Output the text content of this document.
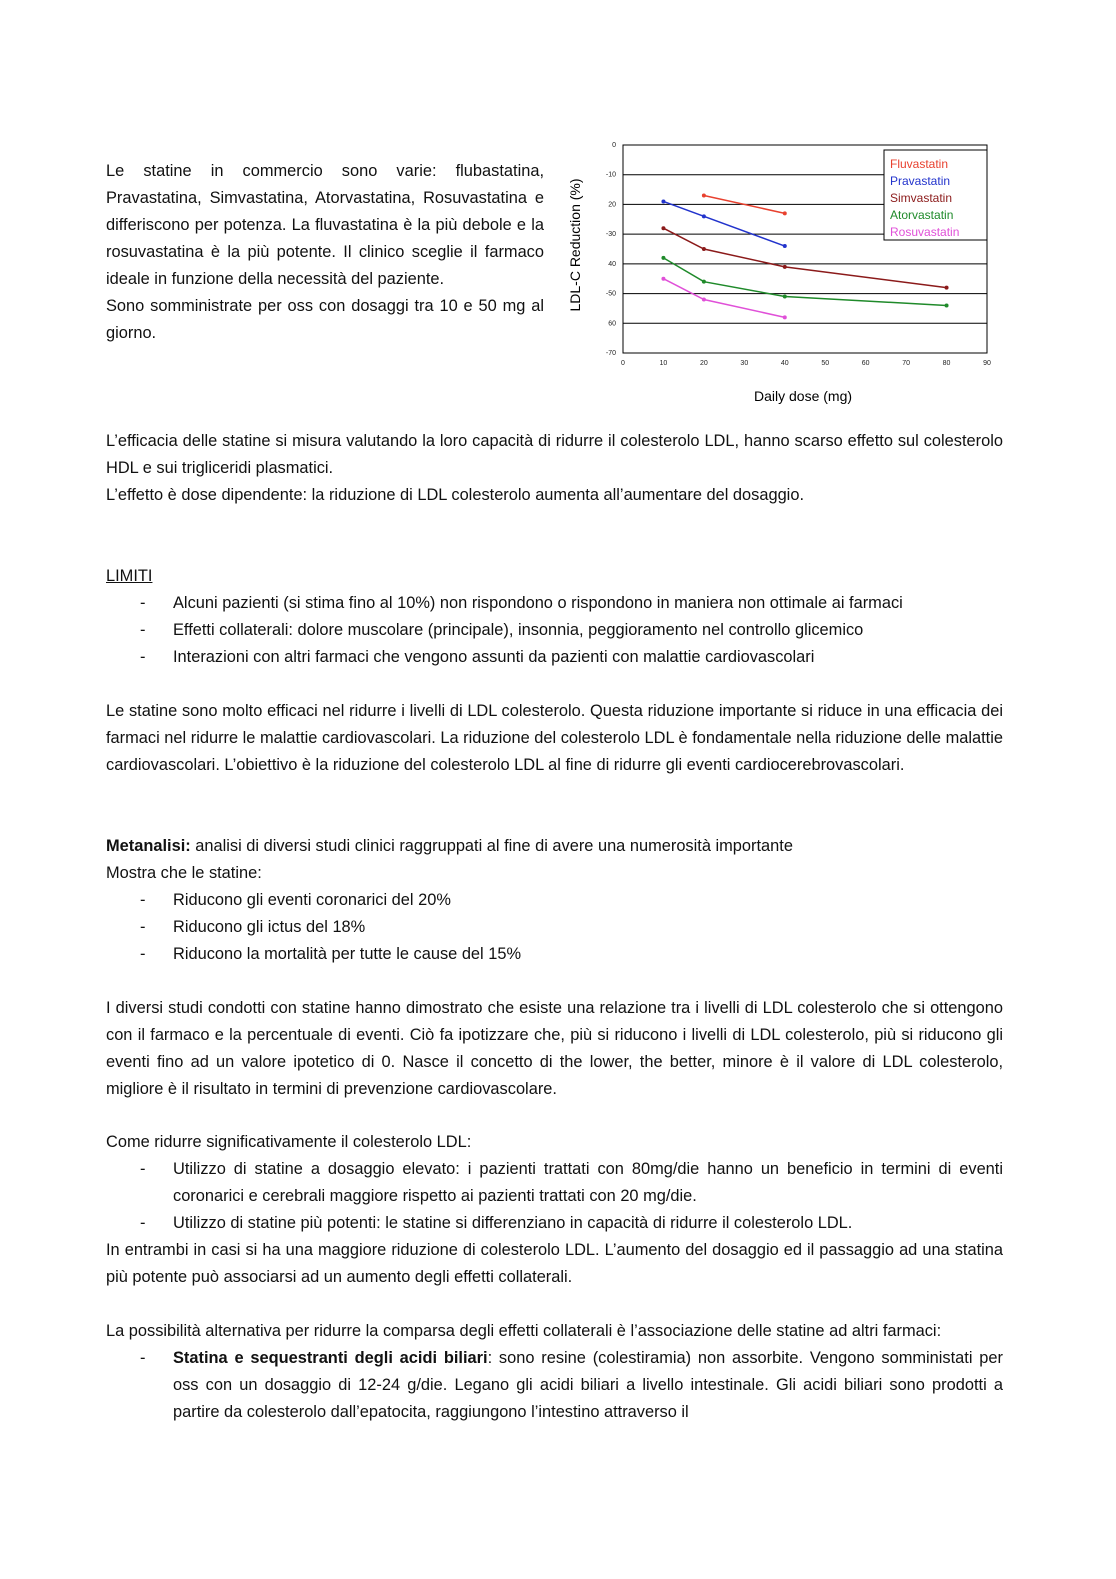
Le statine in commercio sono varie: flubastatina, Pravastatina, Simvastatina, Atorvastatina, Rosuvastatina e differiscono per potenza. La fluvastatina è la più debole e la rosuvastatina è la più potente. Il clinico sceglie il farmaco ideale in funzione della necessità del paziente.

Sono somministrate per oss con dosaggi tra 10 e 50 mg al giorno.

0
-10
20
-30
40
-50
60
-70
0	10	20	30	40	50	60	70	80	90
Fluvastatin
Pravastatin
Simvastatin
Atorvastatin
Rosuvastatin
Daily dose (mg)
LDL-C Reduction (%)

L’efficacia delle statine si misura valutando la loro capacità di ridurre il colesterolo LDL, hanno scarso effetto sul colesterolo HDL e sui trigliceridi plasmatici.

L’effetto è dose dipendente: la riduzione di LDL colesterolo aumenta all’aumentare del dosaggio.

LIMITI

- Alcuni pazienti (si stima fino al 10%) non rispondono o rispondono in maniera non ottimale ai farmaci
- Effetti collaterali: dolore muscolare (principale), insonnia, peggioramento nel controllo glicemico
- Interazioni con altri farmaci che vengono assunti da pazienti con malattie cardiovascolari
Le statine sono molto efficaci nel ridurre i livelli di LDL colesterolo. Questa riduzione importante si riduce in una efficacia dei farmaci nel ridurre le malattie cardiovascolari. La riduzione del colesterolo LDL è fondamentale nella riduzione delle malattie cardiovascolari. L’obiettivo è la riduzione del colesterolo LDL al fine di ridurre gli eventi cardiocerebrovascolari.

Metanalisi: analisi di diversi studi clinici raggruppati al fine di avere una numerosità importante

Mostra che le statine:

- Riducono gli eventi coronarici del 20%
- Riducono gli ictus del 18%
- Riducono la mortalità per tutte le cause del 15%
I diversi studi condotti con statine hanno dimostrato che esiste una relazione tra i livelli di LDL colesterolo che si ottengono con il farmaco e la percentuale di eventi. Ciò fa ipotizzare che, più si riducono i livelli di LDL colesterolo, più si riducono gli eventi fino ad un valore ipotetico di 0. Nasce il concetto di the lower, the better, minore è il valore di LDL colesterolo, migliore è il risultato in termini di prevenzione cardiovascolare.

Come ridurre significativamente il colesterolo LDL:

- Utilizzo di statine a dosaggio elevato: i pazienti trattati con 80mg/die hanno un beneficio in termini di eventi coronarici e cerebrali maggiore rispetto ai pazienti trattati con 20 mg/die.
- Utilizzo di statine più potenti: le statine si differenziano in capacità di ridurre il colesterolo LDL.

In entrambi in casi si ha una maggiore riduzione di colesterolo LDL. L’aumento del dosaggio ed il passaggio ad una statina più potente può associarsi ad un aumento degli effetti collaterali.

La possibilità alternativa per ridurre la comparsa degli effetti collaterali è l’associazione delle statine ad altri farmaci:

- Statina e sequestranti degli acidi biliari: sono resine (colestiramia) non assorbite. Vengono somministati per oss con un dosaggio di 12-24 g/die. Legano gli acidi biliari a livello intestinale. Gli acidi biliari sono prodotti a partire da colesterolo dall’epatocita, raggiungono l’intestino attraverso il
